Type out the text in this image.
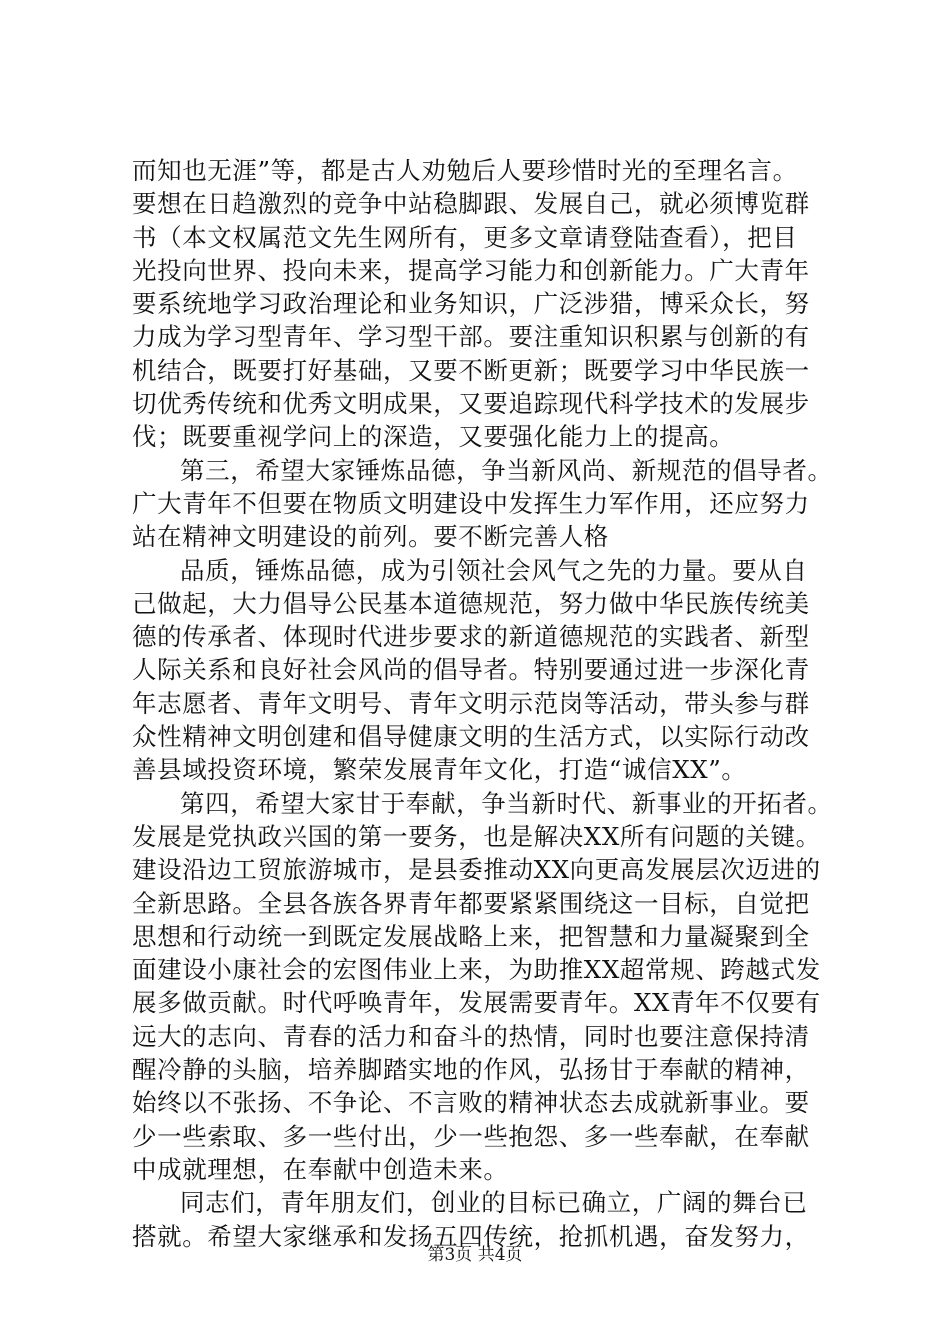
而知也无涯”等，都是古人劝勉后人要珍惜时光的至理名言。
要想在日趋激烈的竞争中站稳脚跟、发展自己，就必须博览群
书（本文权属范文先生网所有，更多文章请登陆查看），把目
光投向世界、投向未来，提高学习能力和创新能力。广大青年
要系统地学习政治理论和业务知识，广泛涉猎，博采众长，努
力成为学习型青年、学习型干部。要注重知识积累与创新的有
机结合，既要打好基础，又要不断更新；既要学习中华民族一
切优秀传统和优秀文明成果，又要追踪现代科学技术的发展步
伐；既要重视学问上的深造，又要强化能力上的提高。
第三，希望大家锤炼品德，争当新风尚、新规范的倡导者。
广大青年不但要在物质文明建设中发挥生力军作用，还应努力
站在精神文明建设的前列。要不断完善人格
品质，锤炼品德，成为引领社会风气之先的力量。要从自
己做起，大力倡导公民基本道德规范，努力做中华民族传统美
德的传承者、体现时代进步要求的新道德规范的实践者、新型
人际关系和良好社会风尚的倡导者。特别要通过进一步深化青
年志愿者、青年文明号、青年文明示范岗等活动，带头参与群
众性精神文明创建和倡导健康文明的生活方式，以实际行动改
善县域投资环境，繁荣发展青年文化，打造“诚信XX”。
第四，希望大家甘于奉献，争当新时代、新事业的开拓者。
发展是党执政兴国的第一要务，也是解决XX所有问题的关键。
建设沿边工贸旅游城市，是县委推动XX向更高发展层次迈进的
全新思路。全县各族各界青年都要紧紧围绕这一目标，自觉把
思想和行动统一到既定发展战略上来，把智慧和力量凝聚到全
面建设小康社会的宏图伟业上来，为助推XX超常规、跨越式发
展多做贡献。时代呼唤青年，发展需要青年。XX青年不仅要有
远大的志向、青春的活力和奋斗的热情，同时也要注意保持清
醒冷静的头脑，培养脚踏实地的作风，弘扬甘于奉献的精神，
始终以不张扬、不争论、不言败的精神状态去成就新事业。要
少一些索取、多一些付出，少一些抱怨、多一些奉献，在奉献
中成就理想，在奉献中创造未来。
同志们，青年朋友们，创业的目标已确立，广阔的舞台已
搭就。希望大家继承和发扬五四传统，抢抓机遇，奋发努力，
第3页 共4页
